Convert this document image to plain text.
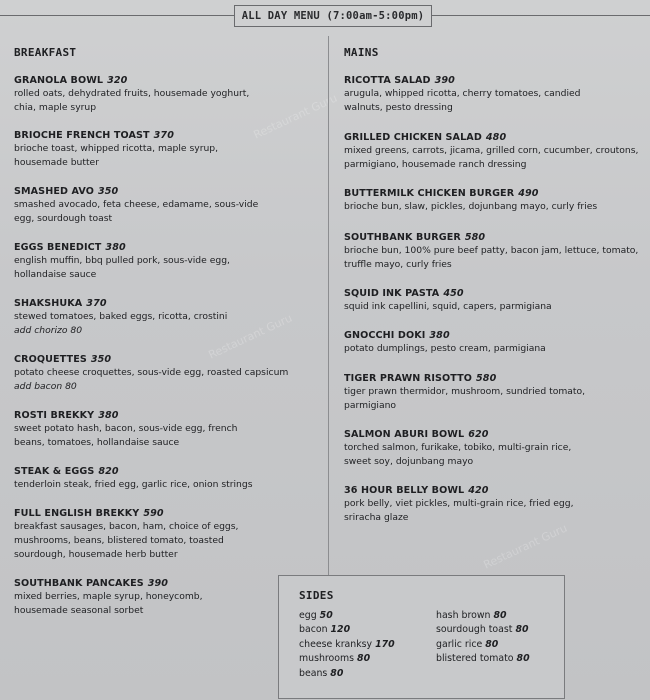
ALL DAY MENU (7:00am-5:00pm)
Restaurant Guru
Restaurant Guru
Restaurant Guru
BREAKFAST
GRANOLA BOWL 320
rolled oats, dehydrated fruits, housemade yoghurt,
chia, maple syrup
BRIOCHE FRENCH TOAST 370
brioche toast, whipped ricotta, maple syrup,
housemade butter
SMASHED AVO 350
smashed avocado, feta cheese, edamame, sous-vide
egg, sourdough toast
EGGS BENEDICT 380
english muffin, bbq pulled pork, sous-vide egg,
hollandaise sauce
SHAKSHUKA 370
stewed tomatoes, baked eggs, ricotta, crostini
add chorizo 80
CROQUETTES 350
potato cheese croquettes, sous-vide egg, roasted capsicum
add bacon 80
ROSTI BREKKY 380
sweet potato hash, bacon, sous-vide egg, french
beans, tomatoes, hollandaise sauce
STEAK & EGGS 820
tenderloin steak, fried egg, garlic rice, onion strings
FULL ENGLISH BREKKY 590
breakfast sausages, bacon, ham, choice of eggs,
mushrooms, beans, blistered tomato, toasted
sourdough, housemade herb butter
SOUTHBANK PANCAKES 390
mixed berries, maple syrup, honeycomb,
housemade seasonal sorbet
MAINS
RICOTTA SALAD 390
arugula, whipped ricotta, cherry tomatoes, candied
walnuts, pesto dressing
GRILLED CHICKEN SALAD 480
mixed greens, carrots, jicama, grilled corn, cucumber, croutons,
parmigiano, housemade ranch dressing
BUTTERMILK CHICKEN BURGER 490
brioche bun, slaw, pickles, dojunbang mayo, curly fries
SOUTHBANK BURGER 580
brioche bun, 100% pure beef patty, bacon jam, lettuce, tomato,
truffle mayo, curly fries
SQUID INK PASTA 450
squid ink capellini, squid, capers, parmigiana
GNOCCHI DOKI 380
potato dumplings, pesto cream, parmigiana
TIGER PRAWN RISOTTO 580
tiger prawn thermidor, mushroom, sundried tomato,
parmigiano
SALMON ABURI BOWL 620
torched salmon, furikake, tobiko, multi-grain rice,
sweet soy, dojunbang mayo
36 HOUR BELLY BOWL 420
pork belly, viet pickles, multi-grain rice, fried egg,
sriracha glaze
SIDES
egg 50
bacon 120
cheese kranksy 170
mushrooms 80
beans 80
hash brown 80
sourdough toast 80
garlic rice 80
blistered tomato 80
